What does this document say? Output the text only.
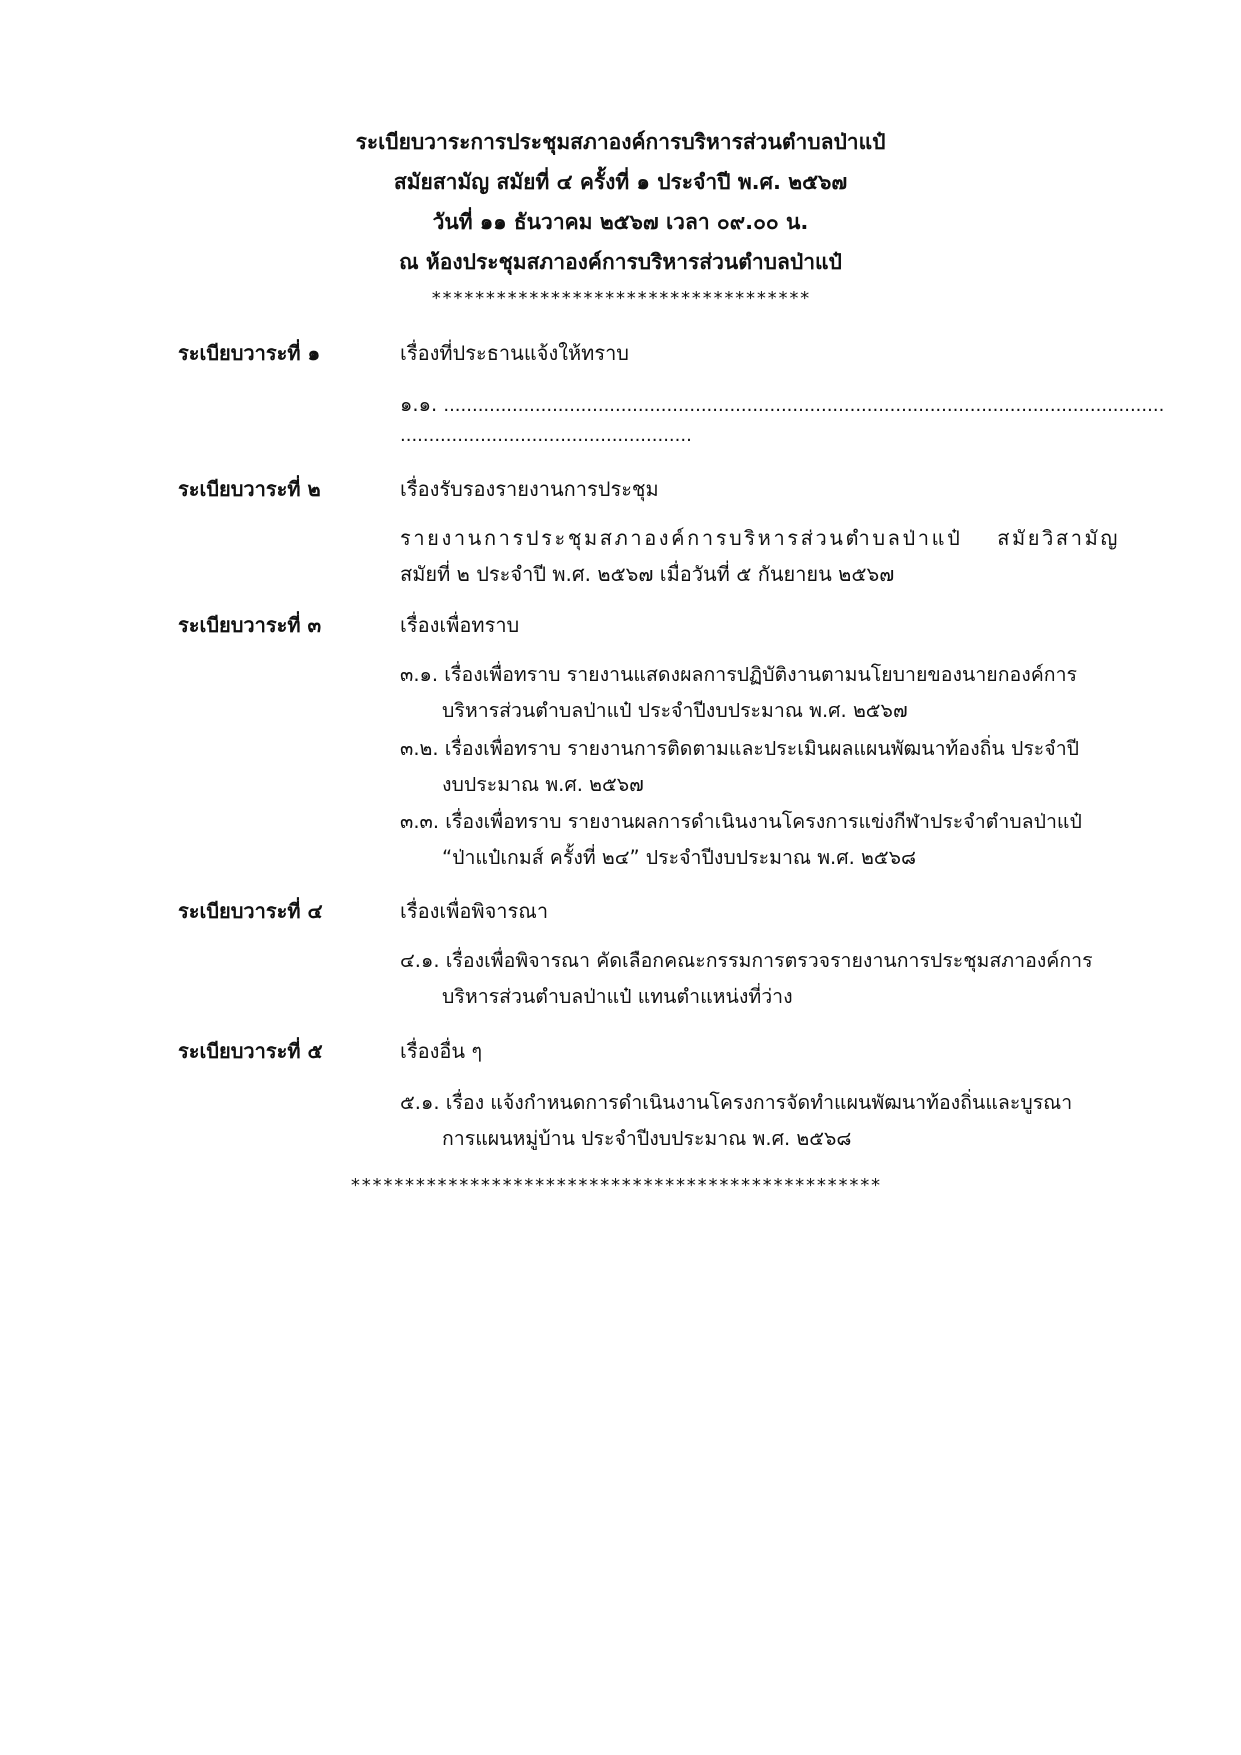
ระเบียบวาระการประชุมสภาองค์การบริหารส่วนตำบลป่าแป๋
สมัยสามัญ สมัยที่ ๔ ครั้งที่ ๑ ประจำปี พ.ศ. ๒๕๖๗
วันที่ ๑๑ ธันวาคม ๒๕๖๗ เวลา ๐๙.๐๐ น.
ณ ห้องประชุมสภาองค์การบริหารส่วนตำบลป่าแป๋
***********************************
ระเบียบวาระที่ ๑	เรื่องที่ประธานแจ้งให้ทราบ
๑.๑. ..............................................................................................................................
...................................................
ระเบียบวาระที่ ๒	เรื่องรับรองรายงานการประชุม
รายงานการประชุมสภาองค์การบริหารส่วนตำบลป่าแป๋ สมัยวิสามัญ
สมัยที่ ๒ ประจำปี พ.ศ. ๒๕๖๗ เมื่อวันที่ ๕ กันยายน ๒๕๖๗
ระเบียบวาระที่ ๓	เรื่องเพื่อทราบ
๓.๑. เรื่องเพื่อทราบ รายงานแสดงผลการปฏิบัติงานตามนโยบายของนายกองค์การ
บริหารส่วนตำบลป่าแป๋ ประจำปีงบประมาณ พ.ศ. ๒๕๖๗
๓.๒. เรื่องเพื่อทราบ รายงานการติดตามและประเมินผลแผนพัฒนาท้องถิ่น ประจำปี
งบประมาณ พ.ศ. ๒๕๖๗
๓.๓. เรื่องเพื่อทราบ รายงานผลการดำเนินงานโครงการแข่งกีฬาประจำตำบลป่าแป๋
“ป่าแป๋เกมส์ ครั้งที่ ๒๔” ประจำปีงบประมาณ พ.ศ. ๒๕๖๘
ระเบียบวาระที่ ๔	เรื่องเพื่อพิจารณา
๔.๑. เรื่องเพื่อพิจารณา คัดเลือกคณะกรรมการตรวจรายงานการประชุมสภาองค์การ
บริหารส่วนตำบลป่าแป๋ แทนตำแหน่งที่ว่าง
ระเบียบวาระที่ ๕	เรื่องอื่น ๆ
๕.๑. เรื่อง แจ้งกำหนดการดำเนินงานโครงการจัดทำแผนพัฒนาท้องถิ่นและบูรณา
การแผนหมู่บ้าน ประจำปีงบประมาณ พ.ศ. ๒๕๖๘
*************************************************
